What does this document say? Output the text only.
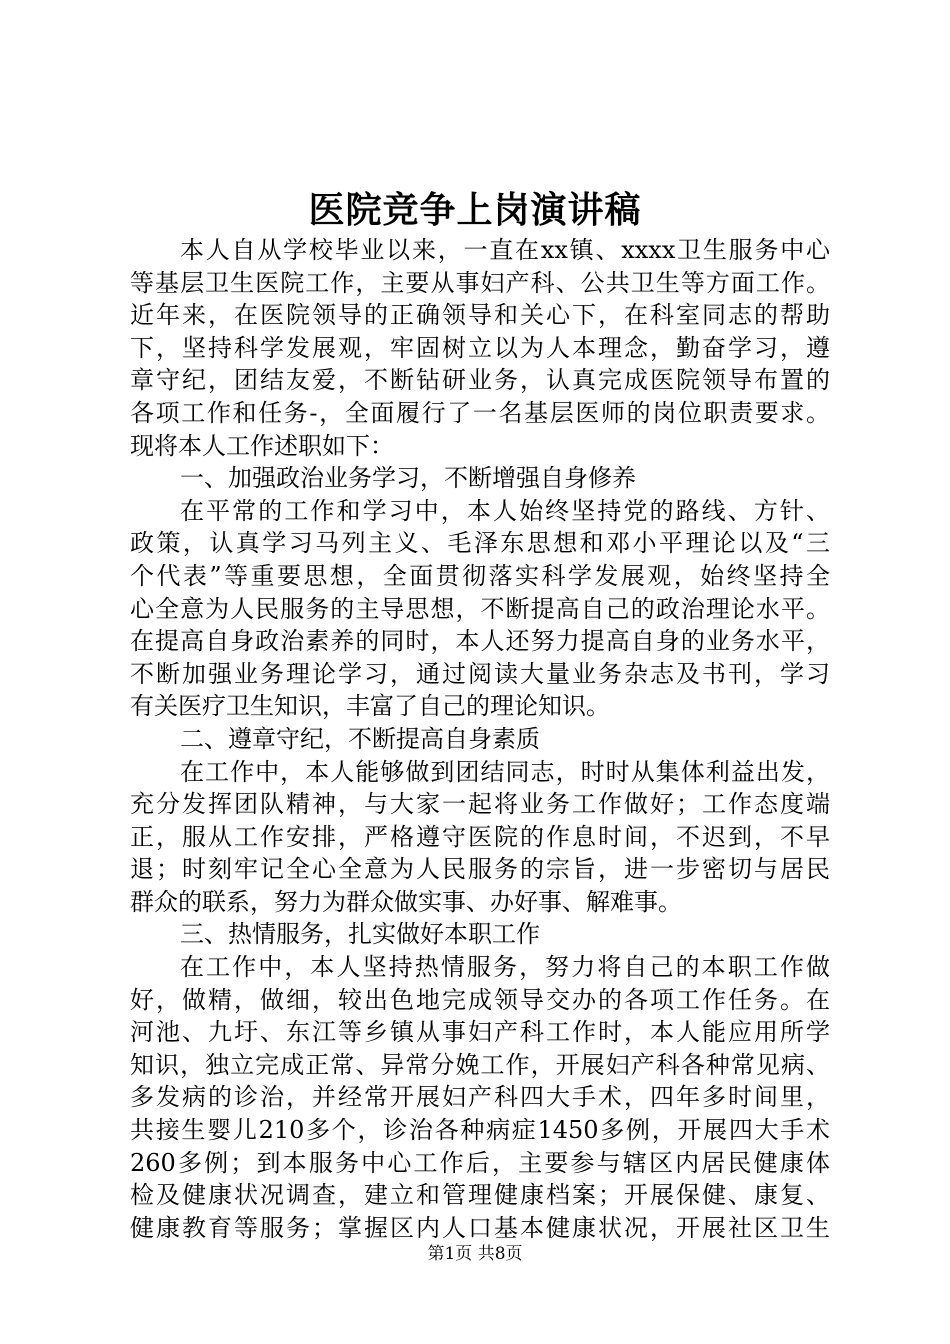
医院竞争上岗演讲稿
本人自从学校毕业以来，一直在xx镇、xxxx卫生服务中心
等基层卫生医院工作，主要从事妇产科、公共卫生等方面工作。
近年来，在医院领导的正确领导和关心下，在科室同志的帮助
下，坚持科学发展观，牢固树立以为人本理念，勤奋学习，遵
章守纪，团结友爱，不断钻研业务，认真完成医院领导布置的
各项工作和任务-，全面履行了一名基层医师的岗位职责要求。
现将本人工作述职如下：
一、加强政治业务学习，不断增强自身修养
在平常的工作和学习中，本人始终坚持党的路线、方针、
政策，认真学习马列主义、毛泽东思想和邓小平理论以及“三
个代表”等重要思想，全面贯彻落实科学发展观，始终坚持全
心全意为人民服务的主导思想，不断提高自己的政治理论水平。
在提高自身政治素养的同时，本人还努力提高自身的业务水平，
不断加强业务理论学习，通过阅读大量业务杂志及书刊，学习
有关医疗卫生知识，丰富了自己的理论知识。
二、遵章守纪，不断提高自身素质
在工作中，本人能够做到团结同志，时时从集体利益出发，
充分发挥团队精神，与大家一起将业务工作做好；工作态度端
正，服从工作安排，严格遵守医院的作息时间，不迟到，不早
退；时刻牢记全心全意为人民服务的宗旨，进一步密切与居民
群众的联系，努力为群众做实事、办好事、解难事。
三、热情服务，扎实做好本职工作
在工作中，本人坚持热情服务，努力将自己的本职工作做
好，做精，做细，较出色地完成领导交办的各项工作任务。在
河池、九圩、东江等乡镇从事妇产科工作时，本人能应用所学
知识，独立完成正常、异常分娩工作，开展妇产科各种常见病、
多发病的诊治，并经常开展妇产科四大手术，四年多时间里，
共接生婴儿210多个，诊治各种病症1450多例，开展四大手术
260多例；到本服务中心工作后，主要参与辖区内居民健康体
检及健康状况调查，建立和管理健康档案；开展保健、康复、
健康教育等服务；掌握区内人口基本健康状况，开展社区卫生
第1页 共8页
